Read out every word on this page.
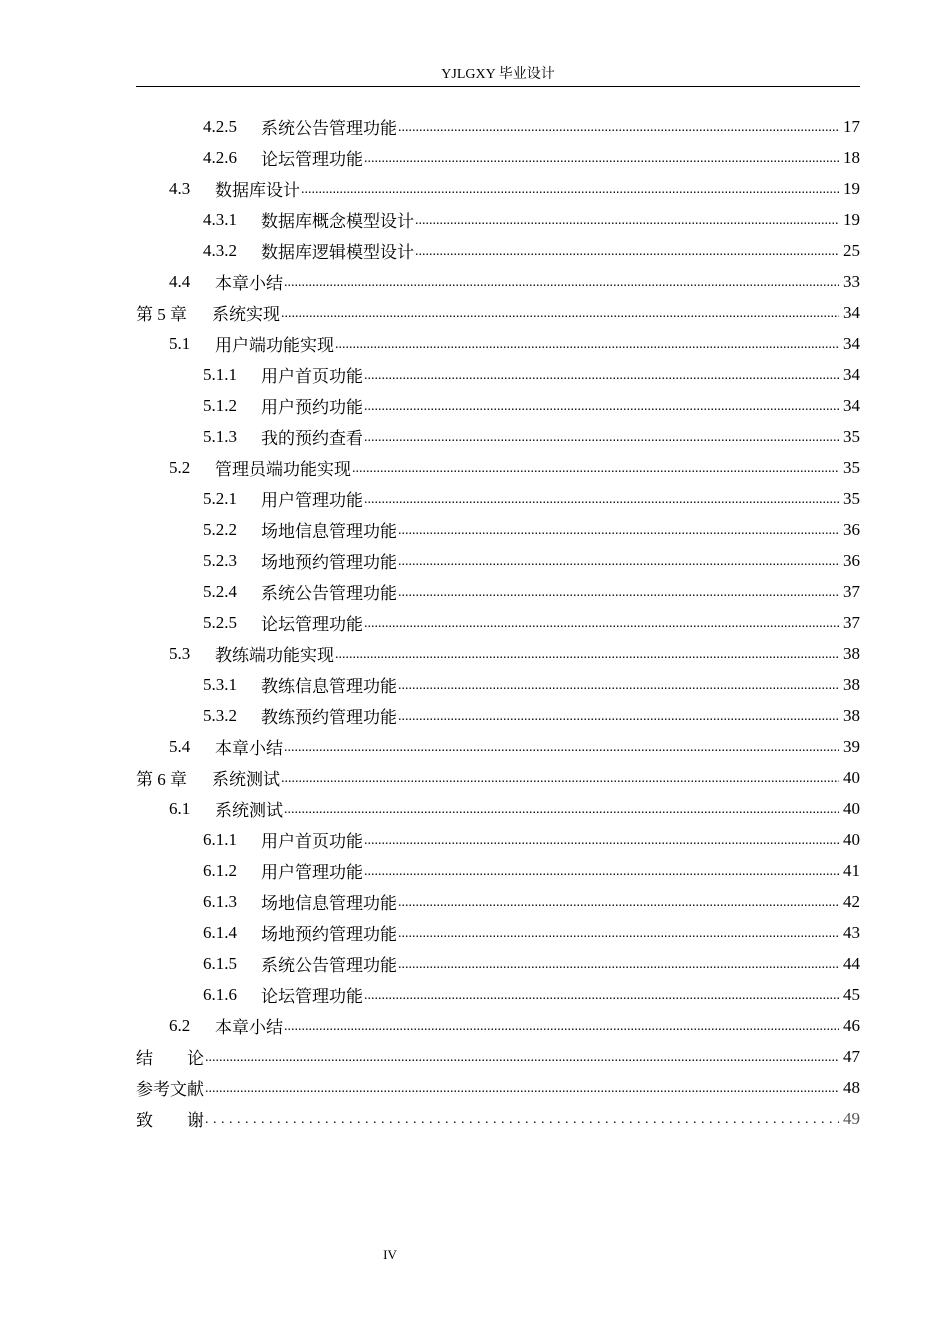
YJLGXY 毕业设计
4.2.5	系统公告管理功能 .....	17
4.2.6	论坛管理功能 .....	18
4.3	数据库设计 .....	19
4.3.1	数据库概念模型设计 .....	19
4.3.2	数据库逻辑模型设计 .....	25
4.4	本章小结 .....	33
第 5 章	系统实现 .....	34
5.1	用户端功能实现 .....	34
5.1.1	用户首页功能 .....	34
5.1.2	用户预约功能 .....	34
5.1.3	我的预约查看 .....	35
5.2	管理员端功能实现 .....	35
5.2.1	用户管理功能 .....	35
5.2.2	场地信息管理功能 .....	36
5.2.3	场地预约管理功能 .....	36
5.2.4	系统公告管理功能 .....	37
5.2.5	论坛管理功能 .....	37
5.3	教练端功能实现 .....	38
5.3.1	教练信息管理功能 .....	38
5.3.2	教练预约管理功能 .....	38
5.4	本章小结 .....	39
第 6 章	系统测试 .....	40
6.1	系统测试 .....	40
6.1.1	用户首页功能 .....	40
6.1.2	用户管理功能 .....	41
6.1.3	场地信息管理功能 .....	42
6.1.4	场地预约管理功能 .....	43
6.1.5	系统公告管理功能 .....	44
6.1.6	论坛管理功能 .....	45
6.2	本章小结 .....	46
结　　论 .....	47
参考文献 .....	48
致　　谢 . . .	49
IV
